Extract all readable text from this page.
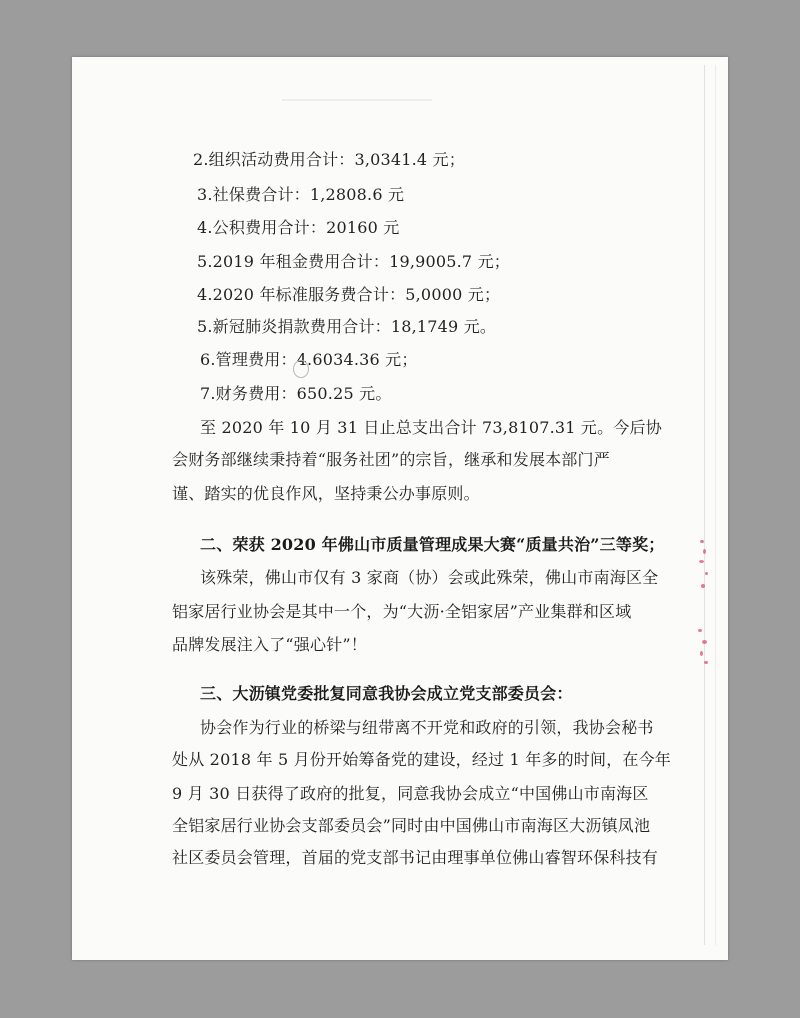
2.组织活动费用合计：3,0341.4 元；
3.社保费合计：1,2808.6 元
4.公积费用合计：20160 元
5.2019 年租金费用合计：19,9005.7 元；
4.2020 年标准服务费合计：5,0000 元；
5.新冠肺炎捐款费用合计：18,1749 元。
6.管理费用：4.6034.36 元；
7.财务费用：650.25 元。
至 2020 年 10 月 31 日止总支出合计 73,8107.31 元。今后协
会财务部继续秉持着“服务社团”的宗旨，继承和发展本部门严
谨、踏实的优良作风，坚持秉公办事原则。
二、荣获 2020 年佛山市质量管理成果大赛“质量共治”三等奖；
该殊荣，佛山市仅有 3 家商（协）会或此殊荣，佛山市南海区全
铝家居行业协会是其中一个，为“大沥·全铝家居”产业集群和区域
品牌发展注入了“强心针”！
三、大沥镇党委批复同意我协会成立党支部委员会：
协会作为行业的桥梁与纽带离不开党和政府的引领，我协会秘书
处从 2018 年 5 月份开始筹备党的建设，经过 1 年多的时间，在今年
9 月 30 日获得了政府的批复，同意我协会成立“中国佛山市南海区
全铝家居行业协会支部委员会”同时由中国佛山市南海区大沥镇凤池
社区委员会管理，首届的党支部书记由理事单位佛山睿智环保科技有
